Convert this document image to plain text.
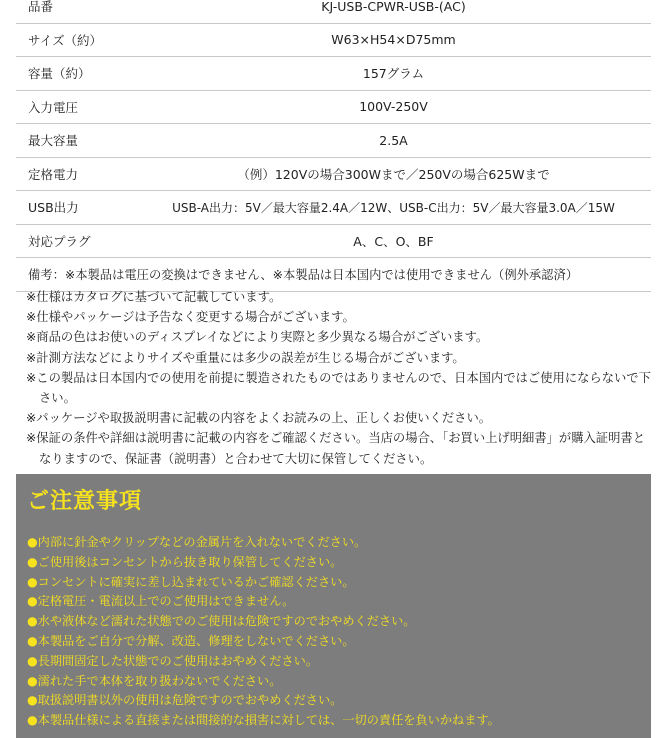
品番	KJ-USB-CPWR-USB-(AC)
サイズ（約）	W63×H54×D75mm
容量（約）	157グラム
入力電圧	100V-250V
最大容量	2.5A
定格電力	（例）120Vの場合300Wまで／250Vの場合625Wまで
USB出力	USB-A出力：5V／最大容量2.4A／12W、USB-C出力：5V／最大容量3.0A／15W
対応プラグ	A、C、O、BF
備考：※本製品は電圧の変換はできません、※本製品は日本国内では使用できません（例外承認済）
※仕様はカタログに基づいて記載しています。
※仕様やパッケージは予告なく変更する場合がございます。
※商品の色はお使いのディスプレイなどにより実際と多少異なる場合がございます。
※計測方法などによりサイズや重量には多少の誤差が生じる場合がございます。
※この製品は日本国内での使用を前提に製造されたものではありませんので、日本国内ではご使用にならないで下さい。
※パッケージや取扱説明書に記載の内容をよくお読みの上、正しくお使いください。
※保証の条件や詳細は説明書に記載の内容をご確認ください。当店の場合、「お買い上げ明細書」が購入証明書となりますので、保証書（説明書）と合わせて大切に保管してください。
ご注意事項
●内部に針金やクリップなどの金属片を入れないでください。
●ご使用後はコンセントから抜き取り保管してください。
●コンセントに確実に差し込まれているかご確認ください。
●定格電圧・電流以上でのご使用はできません。
●水や液体など濡れた状態でのご使用は危険ですのでおやめください。
●本製品をご自分で分解、改造、修理をしないでください。
●長期間固定した状態でのご使用はおやめください。
●濡れた手で本体を取り扱わないでください。
●取扱説明書以外の使用は危険ですのでおやめください。
●本製品仕様による直接または間接的な損害に対しては、一切の責任を負いかねます。
